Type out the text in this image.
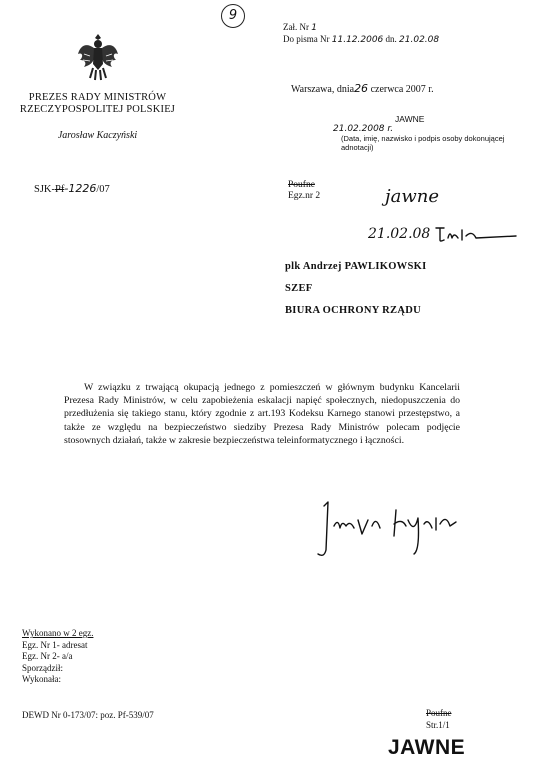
9
PREZES RADY MINISTRÓW
RZECZYPOSPOLITEJ POLSKIEJ
Jarosław Kaczyński
SJK-Pf-1226/07
Zał. Nr 1
Do pisma Nr 11.12.2006 dn. 21.02.08
Warszawa, dnia26 czerwca 2007 r.
JAWNE
21.02.2008 r.
(Data, imię, nazwisko i podpis osoby dokonującej adnotacji)
Poufne
Egz.nr 2	jawne
21.02.08
plk Andrzej PAWLIKOWSKI
SZEF
BIURA OCHRONY RZĄDU
W związku z trwającą okupacją jednego z pomieszczeń w głównym budynku Kancelarii Prezesa Rady Ministrów, w celu zapobieżenia eskalacji napięć społecznych, niedopuszczenia do przedłużenia się takiego stanu, który zgodnie z art.193 Kodeksu Karnego stanowi przestępstwo, a także ze względu na bezpieczeństwo siedziby Prezesa Rady Ministrów polecam podjęcie stosownych działań, także w zakresie bezpieczeństwa teleinformatycznego i łączności.
Wykonano w 2 egz.
Egz. Nr 1- adresat
Egz. Nr 2- a/a
Sporządził:
Wykonała:
DEWD Nr 0-173/07: poz. Pf-539/07	Poufne
Str.1/1
JAWNE
